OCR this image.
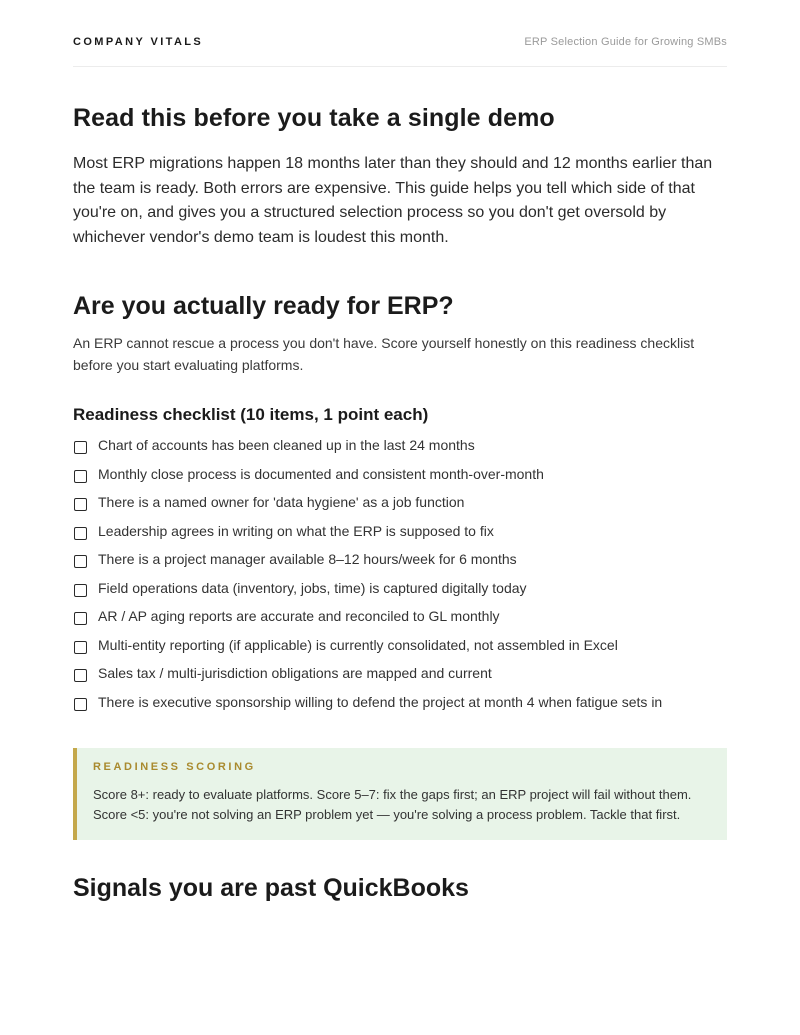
COMPANY VITALS	ERP Selection Guide for Growing SMBs
Read this before you take a single demo

Most ERP migrations happen 18 months later than they should and 12 months earlier than the team is ready. Both errors are expensive. This guide helps you tell which side of that you're on, and gives you a structured selection process so you don't get oversold by whichever vendor's demo team is loudest this month.

Are you actually ready for ERP?

An ERP cannot rescue a process you don't have. Score yourself honestly on this readiness checklist before you start evaluating platforms.

Readiness checklist (10 items, 1 point each)
Chart of accounts has been cleaned up in the last 24 months
Monthly close process is documented and consistent month-over-month
There is a named owner for 'data hygiene' as a job function
Leadership agrees in writing on what the ERP is supposed to fix
There is a project manager available 8–12 hours/week for 6 months
Field operations data (inventory, jobs, time) is captured digitally today
AR / AP aging reports are accurate and reconciled to GL monthly
Multi-entity reporting (if applicable) is currently consolidated, not assembled in Excel
Sales tax / multi-jurisdiction obligations are mapped and current
There is executive sponsorship willing to defend the project at month 4 when fatigue sets in
READINESS SCORING

Score 8+: ready to evaluate platforms. Score 5–7: fix the gaps first; an ERP project will fail without them. Score <5: you're not solving an ERP problem yet — you're solving a process problem. Tackle that first.

Signals you are past QuickBooks
